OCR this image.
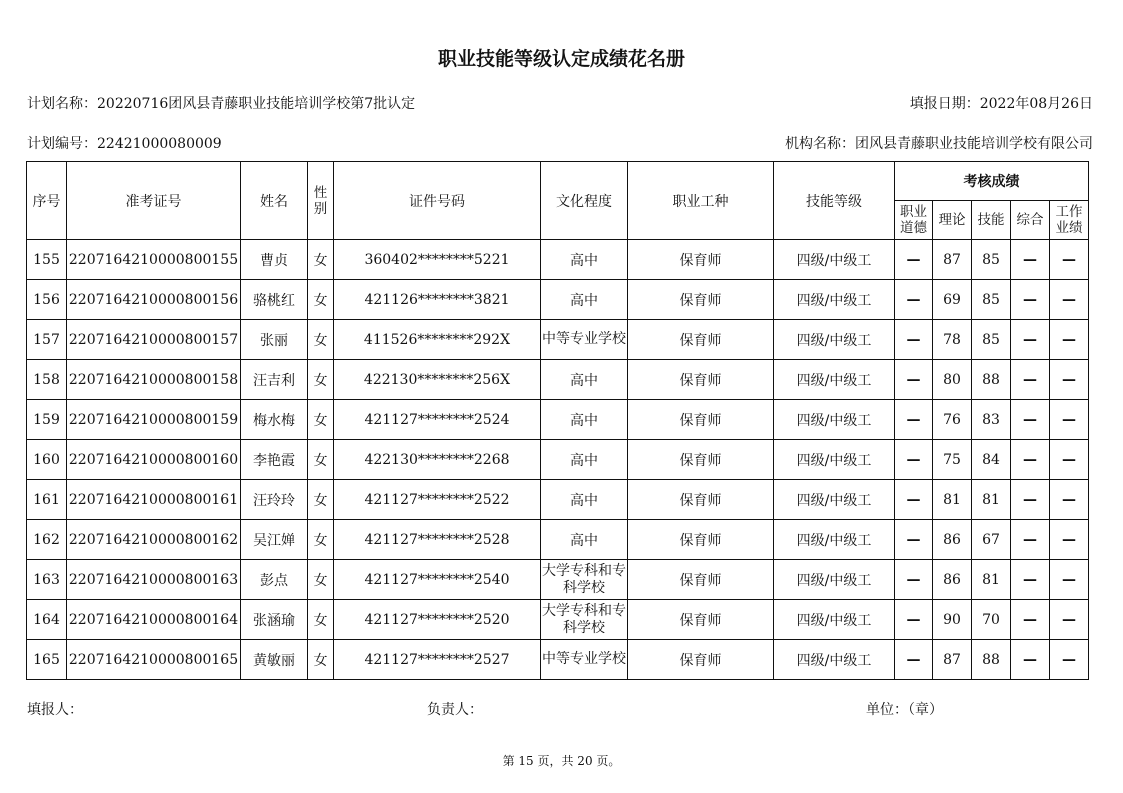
职业技能等级认定成绩花名册
计划名称：20220716团风县青藤职业技能培训学校第7批认定	填报日期：2022年08月26日
计划编号：22421000080009	机构名称：团风县青藤职业技能培训学校有限公司
序号	准考证号	姓名	性别	证件号码	文化程度	职业工种	技能等级	考核成绩				
								职业道德	理论	技能	综合	工作业绩
155	2207164210000800155	曹贞	女	360402********5221	高中	保育师	四级/中级工	—	87	85	—	—
156	2207164210000800156	骆桃红	女	421126********3821	高中	保育师	四级/中级工	—	69	85	—	—
157	2207164210000800157	张丽	女	411526********292X	中等专业学校	保育师	四级/中级工	—	78	85	—	—
158	2207164210000800158	汪吉利	女	422130********256X	高中	保育师	四级/中级工	—	80	88	—	—
159	2207164210000800159	梅水梅	女	421127********2524	高中	保育师	四级/中级工	—	76	83	—	—
160	2207164210000800160	李艳霞	女	422130********2268	高中	保育师	四级/中级工	—	75	84	—	—
161	2207164210000800161	汪玲玲	女	421127********2522	高中	保育师	四级/中级工	—	81	81	—	—
162	2207164210000800162	吴江婵	女	421127********2528	高中	保育师	四级/中级工	—	86	67	—	—
163	2207164210000800163	彭点	女	421127********2540	大学专科和专科学校	保育师	四级/中级工	—	86	81	—	—
164	2207164210000800164	张涵瑜	女	421127********2520	大学专科和专科学校	保育师	四级/中级工	—	90	70	—	—
165	2207164210000800165	黄敏丽	女	421127********2527	中等专业学校	保育师	四级/中级工	—	87	88	—	—
填报人：	负责人：	单位：（章）
第 15 页，共 20 页。
